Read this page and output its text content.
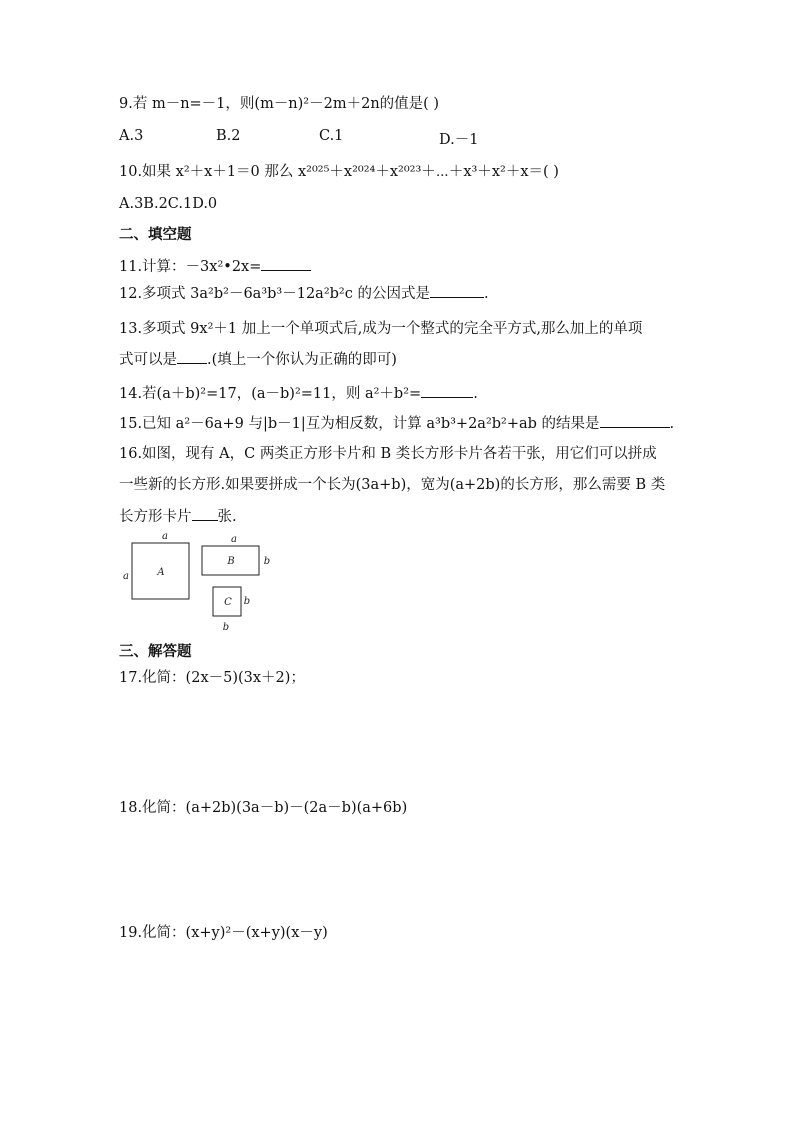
9.若 m－n=－1，则(m－n)²－2m＋2n的值是( )
A.3	B.2	C.1	D.－1
10.如果 x²＋x＋1＝0 那么 x²⁰²⁵＋x²⁰²⁴＋x²⁰²³＋⋯＋x³＋x²＋x＝( )
A.3B.2C.1D.0
二、填空题
11.计算：－3x²•2x=
12.多项式 3a²b²－6a³b³－12a²b²c 的公因式是	.
13.多项式 9x²＋1 加上一个单项式后,成为一个整式的完全平方式,那么加上的单项
式可以是 .(填上一个你认为正确的即可)
14.若(a＋b)²=17，(a－b)²=11，则 a²＋b²=	.
15.已知 a²－6a+9 与|b－1|互为相反数，计算 a³b³+2a²b²+ab 的结果是	.
16.如图，现有 A，C 两类正方形卡片和 B 类长方形卡片各若干张，用它们可以拼成
一些新的长方形.如果要拼成一个长为(3a+b)，宽为(a+2b)的长方形，那么需要 B 类
长方形卡片 张.
A
a
a
B
a
b
C b
b
三、解答题
17.化简：(2x－5)(3x＋2)；
18.化简：(a+2b)(3a－b)－(2a－b)(a+6b)
19.化简：(x+y)²－(x+y)(x－y)
